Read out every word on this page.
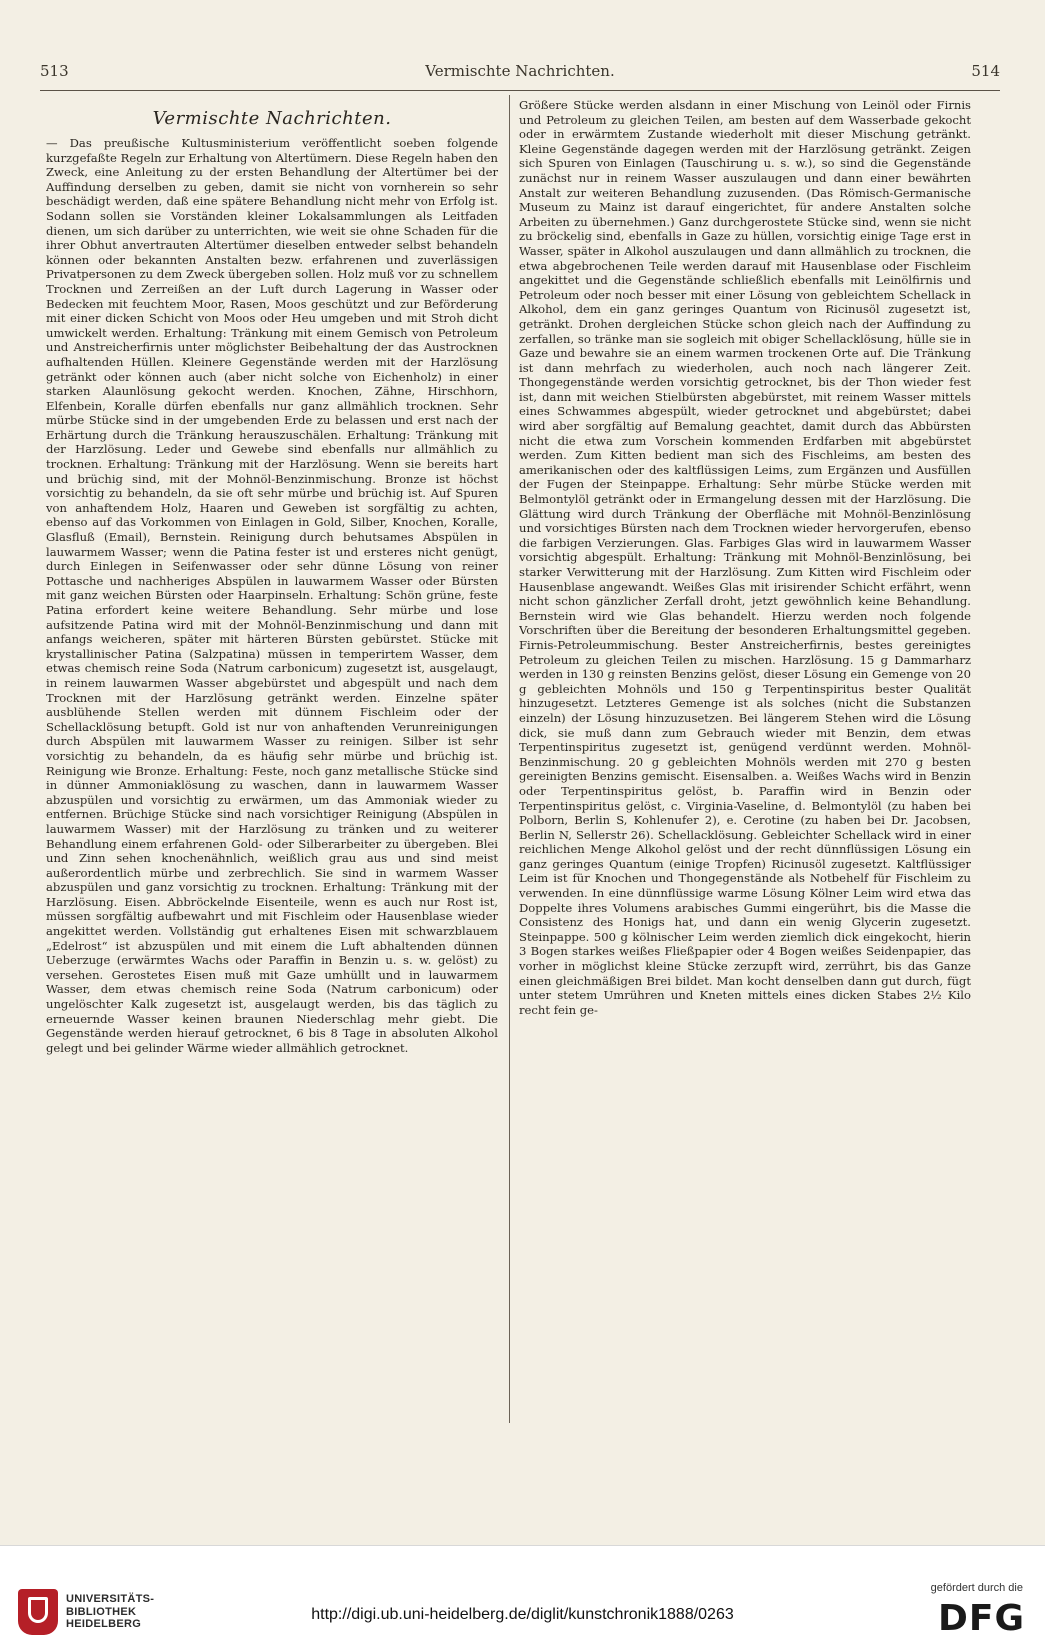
513	Vermischte Nachrichten.	514
Vermischte Nachrichten.

— Das preußische Kultusministerium veröffentlicht soeben folgende kurzgefaßte Regeln zur Erhaltung von Altertümern. Diese Regeln haben den Zweck, eine Anleitung zu der ersten Behandlung der Altertümer bei der Auffindung derselben zu geben, damit sie nicht von vornherein so sehr beschädigt werden, daß eine spätere Behandlung nicht mehr von Erfolg ist. Sodann sollen sie Vorständen kleiner Lokalsammlungen als Leitfaden dienen, um sich darüber zu unterrichten, wie weit sie ohne Schaden für die ihrer Obhut anvertrauten Altertümer dieselben entweder selbst behandeln können oder bekannten Anstalten bezw. erfahrenen und zuverlässigen Privatpersonen zu dem Zweck übergeben sollen. Holz muß vor zu schnellem Trocknen und Zerreißen an der Luft durch Lagerung in Wasser oder Bedecken mit feuchtem Moor, Rasen, Moos geschützt und zur Beförderung mit einer dicken Schicht von Moos oder Heu umgeben und mit Stroh dicht umwickelt werden. Erhaltung: Tränkung mit einem Gemisch von Petroleum und Anstreicherfirnis unter möglichster Beibehaltung der das Austrocknen aufhaltenden Hüllen. Kleinere Gegenstände werden mit der Harzlösung getränkt oder können auch (aber nicht solche von Eichenholz) in einer starken Alaunlösung gekocht werden. Knochen, Zähne, Hirschhorn, Elfenbein, Koralle dürfen ebenfalls nur ganz allmählich trocknen. Sehr mürbe Stücke sind in der umgebenden Erde zu belassen und erst nach der Erhärtung durch die Tränkung herauszuschälen. Erhaltung: Tränkung mit der Harzlösung. Leder und Gewebe sind ebenfalls nur allmählich zu trocknen. Erhaltung: Tränkung mit der Harzlösung. Wenn sie bereits hart und brüchig sind, mit der Mohnöl-Benzinmischung. Bronze ist höchst vorsichtig zu behandeln, da sie oft sehr mürbe und brüchig ist. Auf Spuren von anhaftendem Holz, Haaren und Geweben ist sorgfältig zu achten, ebenso auf das Vorkommen von Einlagen in Gold, Silber, Knochen, Koralle, Glasfluß (Email), Bernstein. Reinigung durch behutsames Abspülen in lauwarmem Wasser; wenn die Patina fester ist und ersteres nicht genügt, durch Einlegen in Seifenwasser oder sehr dünne Lösung von reiner Pottasche und nachheriges Abspülen in lauwarmem Wasser oder Bürsten mit ganz weichen Bürsten oder Haarpinseln. Erhaltung: Schön grüne, feste Patina erfordert keine weitere Behandlung. Sehr mürbe und lose aufsitzende Patina wird mit der Mohnöl-Benzinmischung und dann mit anfangs weicheren, später mit härteren Bürsten gebürstet. Stücke mit krystallinischer Patina (Salzpatina) müssen in temperirtem Wasser, dem etwas chemisch reine Soda (Natrum carbonicum) zugesetzt ist, ausgelaugt, in reinem lauwarmen Wasser abgebürstet und abgespült und nach dem Trocknen mit der Harzlösung getränkt werden. Einzelne später ausblühende Stellen werden mit dünnem Fischleim oder der Schellacklösung betupft. Gold ist nur von anhaftenden Verunreinigungen durch Abspülen mit lauwarmem Wasser zu reinigen. Silber ist sehr vorsichtig zu behandeln, da es häufig sehr mürbe und brüchig ist. Reinigung wie Bronze. Erhaltung: Feste, noch ganz metallische Stücke sind in dünner Ammoniaklösung zu waschen, dann in lauwarmem Wasser abzuspülen und vorsichtig zu erwärmen, um das Ammoniak wieder zu entfernen. Brüchige Stücke sind nach vorsichtiger Reinigung (Abspülen in lauwarmem Wasser) mit der Harzlösung zu tränken und zu weiterer Behandlung einem erfahrenen Gold- oder Silberarbeiter zu übergeben. Blei und Zinn sehen knochenähnlich, weißlich grau aus und sind meist außerordentlich mürbe und zerbrechlich. Sie sind in warmem Wasser abzuspülen und ganz vorsichtig zu trocknen. Erhaltung: Tränkung mit der Harzlösung. Eisen. Abbröckelnde Eisenteile, wenn es auch nur Rost ist, müssen sorgfältig aufbewahrt und mit Fischleim oder Hausenblase wieder angekittet werden. Vollständig gut erhaltenes Eisen mit schwarzblauem „Edelrost“ ist abzuspülen und mit einem die Luft abhaltenden dünnen Ueberzuge (erwärmtes Wachs oder Paraffin in Benzin u. s. w. gelöst) zu versehen. Gerostetes Eisen muß mit Gaze umhüllt und in lauwarmem Wasser, dem etwas chemisch reine Soda (Natrum carbonicum) oder ungelöschter Kalk zugesetzt ist, ausgelaugt werden, bis das täglich zu erneuernde Wasser keinen braunen Niederschlag mehr giebt. Die Gegenstände werden hierauf getrocknet, 6 bis 8 Tage in absoluten Alkohol gelegt und bei gelinder Wärme wieder allmählich getrocknet.

Größere Stücke werden alsdann in einer Mischung von Leinöl oder Firnis und Petroleum zu gleichen Teilen, am besten auf dem Wasserbade gekocht oder in erwärmtem Zustande wiederholt mit dieser Mischung getränkt. Kleine Gegenstände dagegen werden mit der Harzlösung getränkt. Zeigen sich Spuren von Einlagen (Tauschirung u. s. w.), so sind die Gegenstände zunächst nur in reinem Wasser auszulaugen und dann einer bewährten Anstalt zur weiteren Behandlung zuzusenden. (Das Römisch-Germanische Museum zu Mainz ist darauf eingerichtet, für andere Anstalten solche Arbeiten zu übernehmen.) Ganz durchgerostete Stücke sind, wenn sie nicht zu bröckelig sind, ebenfalls in Gaze zu hüllen, vorsichtig einige Tage erst in Wasser, später in Alkohol auszulaugen und dann allmählich zu trocknen, die etwa abgebrochenen Teile werden darauf mit Hausenblase oder Fischleim angekittet und die Gegenstände schließlich ebenfalls mit Leinölfirnis und Petroleum oder noch besser mit einer Lösung von gebleichtem Schellack in Alkohol, dem ein ganz geringes Quantum von Ricinusöl zugesetzt ist, getränkt. Drohen dergleichen Stücke schon gleich nach der Auffindung zu zerfallen, so tränke man sie sogleich mit obiger Schellacklösung, hülle sie in Gaze und bewahre sie an einem warmen trockenen Orte auf. Die Tränkung ist dann mehrfach zu wiederholen, auch noch nach längerer Zeit. Thongegenstände werden vorsichtig getrocknet, bis der Thon wieder fest ist, dann mit weichen Stielbürsten abgebürstet, mit reinem Wasser mittels eines Schwammes abgespült, wieder getrocknet und abgebürstet; dabei wird aber sorgfältig auf Bemalung geachtet, damit durch das Abbürsten nicht die etwa zum Vorschein kommenden Erdfarben mit abgebürstet werden. Zum Kitten bedient man sich des Fischleims, am besten des amerikanischen oder des kaltflüssigen Leims, zum Ergänzen und Ausfüllen der Fugen der Steinpappe. Erhaltung: Sehr mürbe Stücke werden mit Belmontylöl getränkt oder in Ermangelung dessen mit der Harzlösung. Die Glättung wird durch Tränkung der Oberfläche mit Mohnöl-Benzinlösung und vorsichtiges Bürsten nach dem Trocknen wieder hervorgerufen, ebenso die farbigen Verzierungen. Glas. Farbiges Glas wird in lauwarmem Wasser vorsichtig abgespült. Erhaltung: Tränkung mit Mohnöl-Benzinlösung, bei starker Verwitterung mit der Harzlösung. Zum Kitten wird Fischleim oder Hausenblase angewandt. Weißes Glas mit irisirender Schicht erfährt, wenn nicht schon gänzlicher Zerfall droht, jetzt gewöhnlich keine Behandlung. Bernstein wird wie Glas behandelt. Hierzu werden noch folgende Vorschriften über die Bereitung der besonderen Erhaltungsmittel gegeben. Firnis-Petroleummischung. Bester Anstreicherfirnis, bestes gereinigtes Petroleum zu gleichen Teilen zu mischen. Harzlösung. 15 g Dammarharz werden in 130 g reinsten Benzins gelöst, dieser Lösung ein Gemenge von 20 g gebleichten Mohnöls und 150 g Terpentinspiritus bester Qualität hinzugesetzt. Letzteres Gemenge ist als solches (nicht die Substanzen einzeln) der Lösung hinzuzusetzen. Bei längerem Stehen wird die Lösung dick, sie muß dann zum Gebrauch wieder mit Benzin, dem etwas Terpentinspiritus zugesetzt ist, genügend verdünnt werden. Mohnöl-Benzinmischung. 20 g gebleichten Mohnöls werden mit 270 g besten gereinigten Benzins gemischt. Eisensalben. a. Weißes Wachs wird in Benzin oder Terpentinspiritus gelöst, b. Paraffin wird in Benzin oder Terpentinspiritus gelöst, c. Virginia-Vaseline, d. Belmontylöl (zu haben bei Polborn, Berlin S, Kohlenufer 2), e. Cerotine (zu haben bei Dr. Jacobsen, Berlin N, Sellerstr 26). Schellacklösung. Gebleichter Schellack wird in einer reichlichen Menge Alkohol gelöst und der recht dünnflüssigen Lösung ein ganz geringes Quantum (einige Tropfen) Ricinusöl zugesetzt. Kaltflüssiger Leim ist für Knochen und Thongegenstände als Notbehelf für Fischleim zu verwenden. In eine dünnflüssige warme Lösung Kölner Leim wird etwa das Doppelte ihres Volumens arabisches Gummi eingerührt, bis die Masse die Consistenz des Honigs hat, und dann ein wenig Glycerin zugesetzt. Steinpappe. 500 g kölnischer Leim werden ziemlich dick eingekocht, hierin 3 Bogen starkes weißes Fließpapier oder 4 Bogen weißes Seidenpapier, das vorher in möglichst kleine Stücke zerzupft wird, zerrührt, bis das Ganze einen gleichmäßigen Brei bildet. Man kocht denselben dann gut durch, fügt unter stetem Umrühren und Kneten mittels eines dicken Stabes 2½ Kilo recht fein ge-

UNIVERSITÄTS-
BIBLIOTHEK
HEIDELBERG
http://digi.ub.uni-heidelberg.de/diglit/kunstchronik1888/0263
gefördert durch die
DFG
